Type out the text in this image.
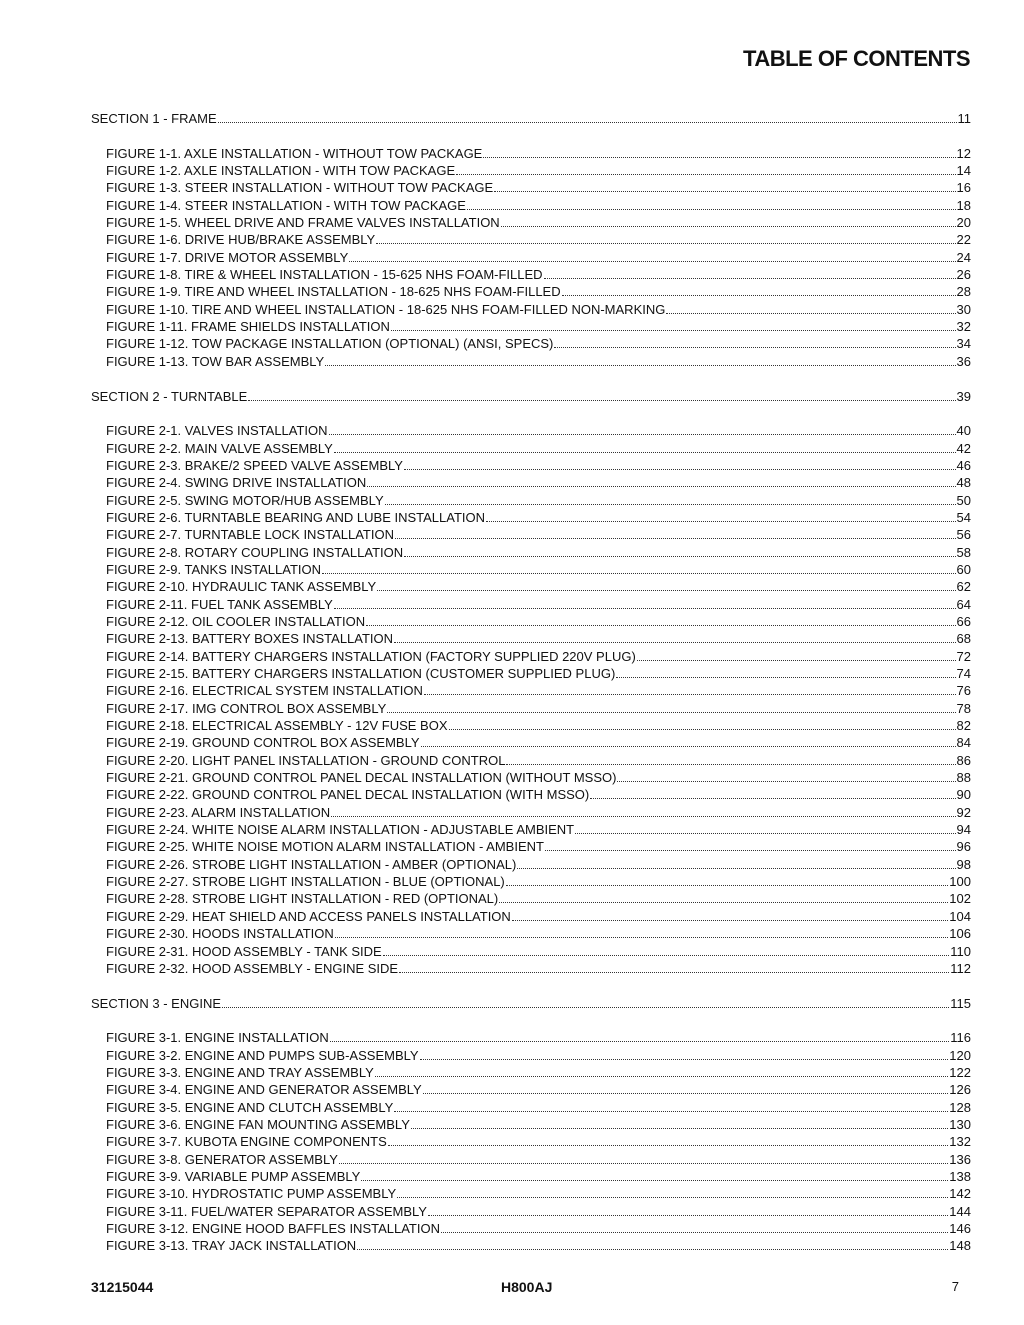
TABLE OF CONTENTS
SECTION 1 - FRAME	11
FIGURE 1-1. AXLE INSTALLATION - WITHOUT TOW PACKAGE	12
FIGURE 1-2. AXLE INSTALLATION - WITH TOW PACKAGE	14
FIGURE 1-3. STEER INSTALLATION - WITHOUT TOW PACKAGE	16
FIGURE 1-4. STEER INSTALLATION - WITH TOW PACKAGE	18
FIGURE 1-5. WHEEL DRIVE AND FRAME VALVES INSTALLATION	20
FIGURE 1-6. DRIVE HUB/BRAKE ASSEMBLY	22
FIGURE 1-7. DRIVE MOTOR ASSEMBLY	24
FIGURE 1-8. TIRE & WHEEL INSTALLATION - 15-625 NHS FOAM-FILLED	26
FIGURE 1-9. TIRE AND WHEEL INSTALLATION - 18-625 NHS FOAM-FILLED	28
FIGURE 1-10. TIRE AND WHEEL INSTALLATION - 18-625 NHS FOAM-FILLED NON-MARKING	30
FIGURE 1-11. FRAME SHIELDS INSTALLATION	32
FIGURE 1-12. TOW PACKAGE INSTALLATION (OPTIONAL) (ANSI, SPECS)	34
FIGURE 1-13. TOW BAR ASSEMBLY	36
SECTION 2 - TURNTABLE	39
FIGURE 2-1. VALVES INSTALLATION	40
FIGURE 2-2. MAIN VALVE ASSEMBLY	42
FIGURE 2-3. BRAKE/2 SPEED VALVE ASSEMBLY	46
FIGURE 2-4. SWING DRIVE INSTALLATION	48
FIGURE 2-5. SWING MOTOR/HUB ASSEMBLY	50
FIGURE 2-6. TURNTABLE BEARING AND LUBE INSTALLATION	54
FIGURE 2-7. TURNTABLE LOCK INSTALLATION	56
FIGURE 2-8. ROTARY COUPLING INSTALLATION	58
FIGURE 2-9. TANKS INSTALLATION	60
FIGURE 2-10. HYDRAULIC TANK ASSEMBLY	62
FIGURE 2-11. FUEL TANK ASSEMBLY	64
FIGURE 2-12. OIL COOLER INSTALLATION	66
FIGURE 2-13. BATTERY BOXES INSTALLATION	68
FIGURE 2-14. BATTERY CHARGERS INSTALLATION (FACTORY SUPPLIED 220V PLUG)	72
FIGURE 2-15. BATTERY CHARGERS INSTALLATION (CUSTOMER SUPPLIED PLUG)	74
FIGURE 2-16. ELECTRICAL SYSTEM INSTALLATION	76
FIGURE 2-17. IMG CONTROL BOX ASSEMBLY	78
FIGURE 2-18. ELECTRICAL ASSEMBLY - 12V FUSE BOX	82
FIGURE 2-19. GROUND CONTROL BOX ASSEMBLY	84
FIGURE 2-20. LIGHT PANEL INSTALLATION - GROUND CONTROL	86
FIGURE 2-21. GROUND CONTROL PANEL DECAL INSTALLATION (WITHOUT MSSO)	88
FIGURE 2-22. GROUND CONTROL PANEL DECAL INSTALLATION (WITH MSSO)	90
FIGURE 2-23. ALARM INSTALLATION	92
FIGURE 2-24. WHITE NOISE ALARM INSTALLATION - ADJUSTABLE AMBIENT	94
FIGURE 2-25. WHITE NOISE MOTION ALARM INSTALLATION - AMBIENT	96
FIGURE 2-26. STROBE LIGHT INSTALLATION - AMBER (OPTIONAL)	98
FIGURE 2-27. STROBE LIGHT INSTALLATION - BLUE (OPTIONAL)	100
FIGURE 2-28. STROBE LIGHT INSTALLATION - RED (OPTIONAL)	102
FIGURE 2-29. HEAT SHIELD AND ACCESS PANELS INSTALLATION	104
FIGURE 2-30. HOODS INSTALLATION	106
FIGURE 2-31. HOOD ASSEMBLY - TANK SIDE	110
FIGURE 2-32. HOOD ASSEMBLY - ENGINE SIDE	112
SECTION 3 - ENGINE	115
FIGURE 3-1. ENGINE INSTALLATION	116
FIGURE 3-2. ENGINE AND PUMPS SUB-ASSEMBLY	120
FIGURE 3-3. ENGINE AND TRAY ASSEMBLY	122
FIGURE 3-4. ENGINE AND GENERATOR ASSEMBLY	126
FIGURE 3-5. ENGINE AND CLUTCH ASSEMBLY	128
FIGURE 3-6. ENGINE FAN MOUNTING ASSEMBLY	130
FIGURE 3-7. KUBOTA ENGINE COMPONENTS	132
FIGURE 3-8. GENERATOR ASSEMBLY	136
FIGURE 3-9. VARIABLE PUMP ASSEMBLY	138
FIGURE 3-10. HYDROSTATIC PUMP ASSEMBLY	142
FIGURE 3-11. FUEL/WATER SEPARATOR ASSEMBLY	144
FIGURE 3-12. ENGINE HOOD BAFFLES INSTALLATION	146
FIGURE 3-13. TRAY JACK INSTALLATION	148
31215044	H800AJ	7
